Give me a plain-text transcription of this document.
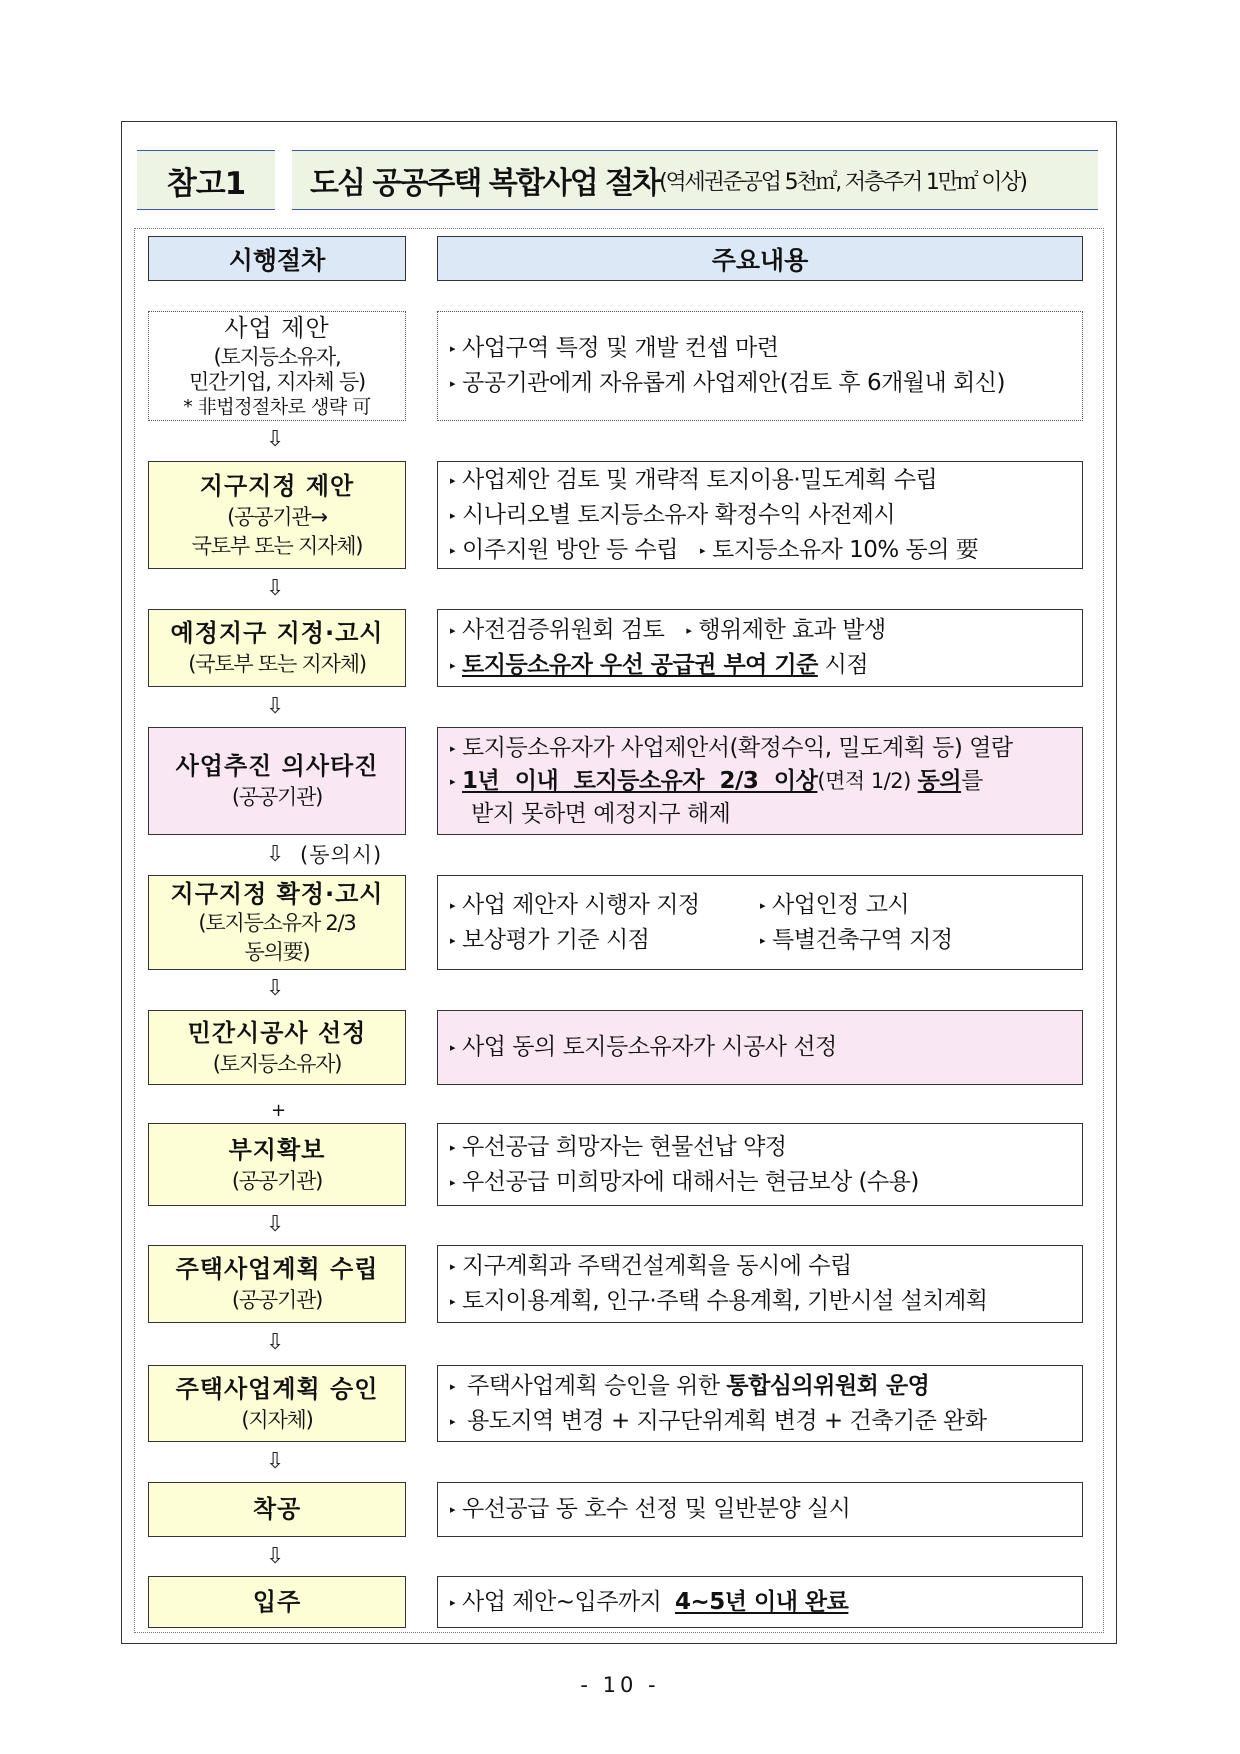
참고1 도심 공공주택 복합사업 절차 (역세권준공업 5천㎡, 저층주거 1만㎡ 이상)
시행절차	주요내용
사업 제안
(토지등소유자,
민간기업, 지자체 등)
* 非법정절차로 생략 可
▸ 사업구역 특정 및 개발 컨셉 마련
▸ 공공기관에게 자유롭게 사업제안(검토 후 6개월내 회신)
⇩
지구지정 제안
(공공기관→
국토부 또는 지자체)
▸ 사업제안 검토 및 개략적 토지이용·밀도계획 수립
▸ 시나리오별 토지등소유자 확정수익 사전제시
▸ 이주지원 방안 등 수립 ▸ 토지등소유자 10% 동의 要
⇩
예정지구 지정·고시
(국토부 또는 지자체)
▸ 사전검증위원회 검토 ▸ 행위제한 효과 발생
▸ 토지등소유자 우선 공급권 부여 기준
시점
⇩
사업추진 의사타진
(공공기관)
▸ 토지등소유자가 사업제안서(확정수익, 밀도계획 등) 열람
▸ 1년 이내 토지등소유자 2/3 이상 (면적 1/2)
동의 를
받지 못하면 예정지구 해제
⇩ (동의시)
지구지정 확정·고시
(토지등소유자 2/3
동의要)
▸ 사업 제안자 시행자 지정	▸ 사업인정 고시
▸ 보상평가 기준 시점	▸ 특별건축구역 지정
⇩
민간시공사 선정
(토지등소유자)
▸ 사업 동의 토지등소유자가 시공사 선정
+
부지확보
(공공기관)
▸ 우선공급 희망자는 현물선납 약정
▸ 우선공급 미희망자에 대해서는 현금보상 (수용)
⇩
주택사업계획 수립
(공공기관)
▸ 지구계획과 주택건설계획을 동시에 수립
▸ 토지이용계획, 인구·주택 수용계획, 기반시설 설치계획
⇩
주택사업계획 승인
(지자체)
▸ 주택사업계획 승인을 위한
통합심의위원회 운영
▸ 용도지역 변경 + 지구단위계획 변경 + 건축기준 완화
⇩
착공	▸ 우선공급 동 호수 선정 및 일반분양 실시
⇩
입주	▸ 사업 제안~입주까지
4~5년 이내 완료
- 10 -
